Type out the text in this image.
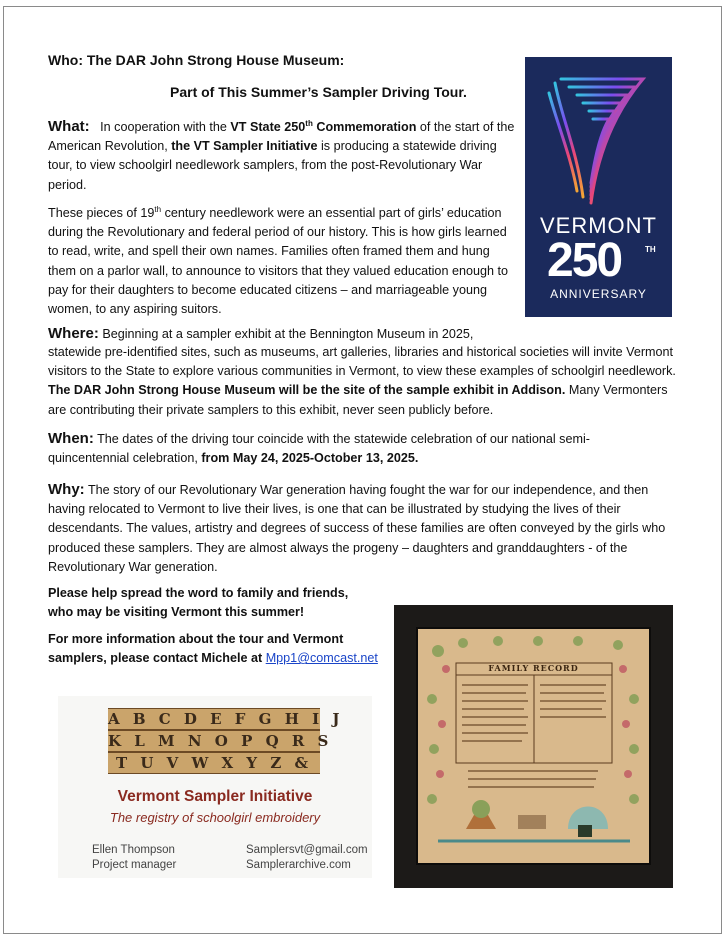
Who: The DAR John Strong House Museum:
Part of This Summer’s Sampler Driving Tour.

What: In cooperation with the VT State 250th Commemoration of the start of the American Revolution, the VT Sampler Initiative is producing a statewide driving tour, to view schoolgirl needlework samplers, from the post-Revolutionary War period.

These pieces of 19th century needlework were an essential part of girls’ education during the Revolutionary and federal period of our history. This is how girls learned to read, write, and spell their own names. Families often framed them and hung them on a parlor wall, to announce to visitors that they valued education enough to pay for their daughters to become educated citizens – and marriageable young women, to any aspiring suitors.

Where: Beginning at a sampler exhibit at the Bennington Museum in 2025,

statewide pre-identified sites, such as museums, art galleries, libraries and historical societies will invite Vermont visitors to the State to explore various communities in Vermont, to view these examples of schoolgirl needlework. The DAR John Strong House Museum will be the site of the sample exhibit in Addison. Many Vermonters are contributing their private samplers to this exhibit, never seen publicly before.

When: The dates of the driving tour coincide with the statewide celebration of our national semi-quincentennial celebration, from May 24, 2025-October 13, 2025.

Why: The story of our Revolutionary War generation having fought the war for our independence, and then having relocated to Vermont to live their lives, is one that can be illustrated by studying the lives of their descendants. The values, artistry and degrees of success of these families are often conveyed by the girls who produced these samplers. They are almost always the progeny – daughters and granddaughters - of the Revolutionary War generation.

Please help spread the word to family and friends, who may be visiting Vermont this summer!

For more information about the tour and Vermont samplers, please contact Michele at Mpp1@comcast.net

VERMONT
250	TH
ANNIVERSARY
A B C D E F G H I J
K L M N O P Q R S
T U V W X Y Z &
Vermont Sampler Initiative
The registry of schoolgirl embroidery
Ellen Thompson
Project manager
Samplersvt@gmail.com
Samplerarchive.com
FAMILY RECORD
